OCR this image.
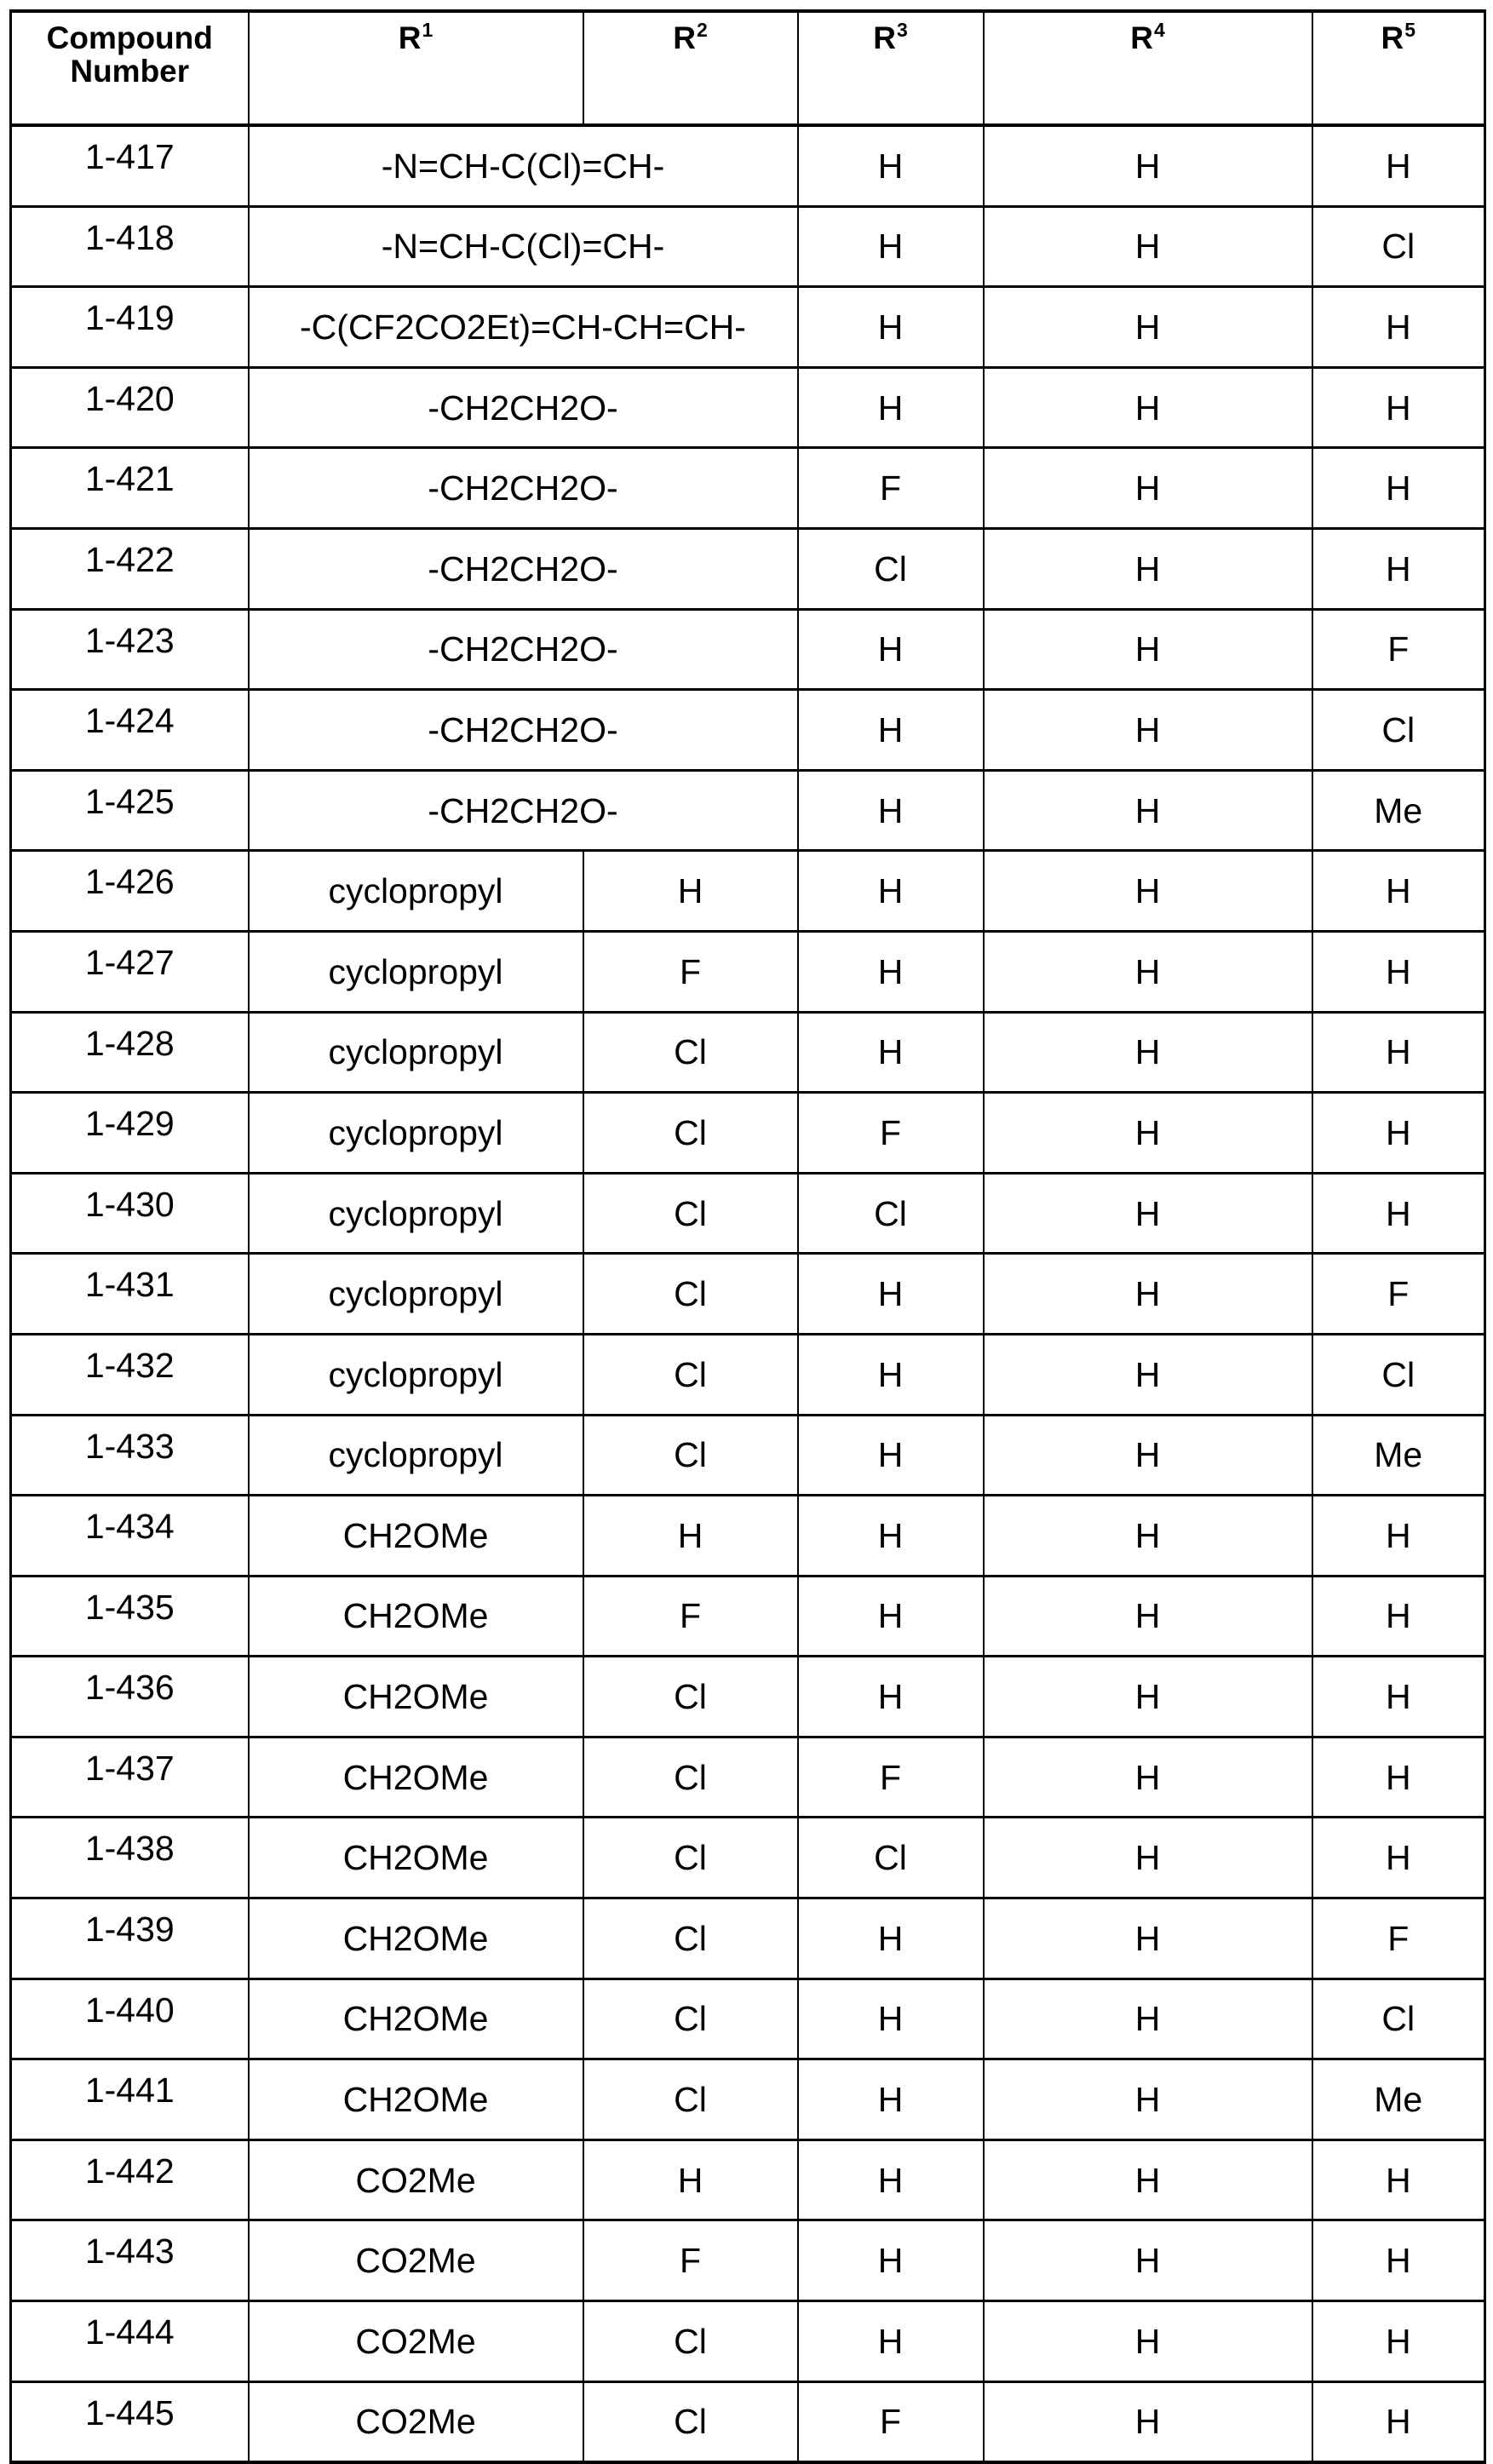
Compound
Number	$R^1$	$R^2$	$R^3$	$R^4$	$R^5$
1-417	-N=CH-C(Cl)=CH-		H	H	H
1-418	-N=CH-C(Cl)=CH-		H	H	Cl
1-419	-C(CF2CO2Et)=CH-CH=CH-		H	H	H
1-420	-CH2CH2O-		H	H	H
1-421	-CH2CH2O-		F	H	H
1-422	-CH2CH2O-		Cl	H	H
1-423	-CH2CH2O-		H	H	F
1-424	-CH2CH2O-		H	H	Cl
1-425	-CH2CH2O-		H	H	Me
1-426	cyclopropyl	H	H	H	H
1-427	cyclopropyl	F	H	H	H
1-428	cyclopropyl	Cl	H	H	H
1-429	cyclopropyl	Cl	F	H	H
1-430	cyclopropyl	Cl	Cl	H	H
1-431	cyclopropyl	Cl	H	H	F
1-432	cyclopropyl	Cl	H	H	Cl
1-433	cyclopropyl	Cl	H	H	Me
1-434	CH2OMe	H	H	H	H
1-435	CH2OMe	F	H	H	H
1-436	CH2OMe	Cl	H	H	H
1-437	CH2OMe	Cl	F	H	H
1-438	CH2OMe	Cl	Cl	H	H
1-439	CH2OMe	Cl	H	H	F
1-440	CH2OMe	Cl	H	H	Cl
1-441	CH2OMe	Cl	H	H	Me
1-442	CO2Me	H	H	H	H
1-443	CO2Me	F	H	H	H
1-444	CO2Me	Cl	H	H	H
1-445	CO2Me	Cl	F	H	H
